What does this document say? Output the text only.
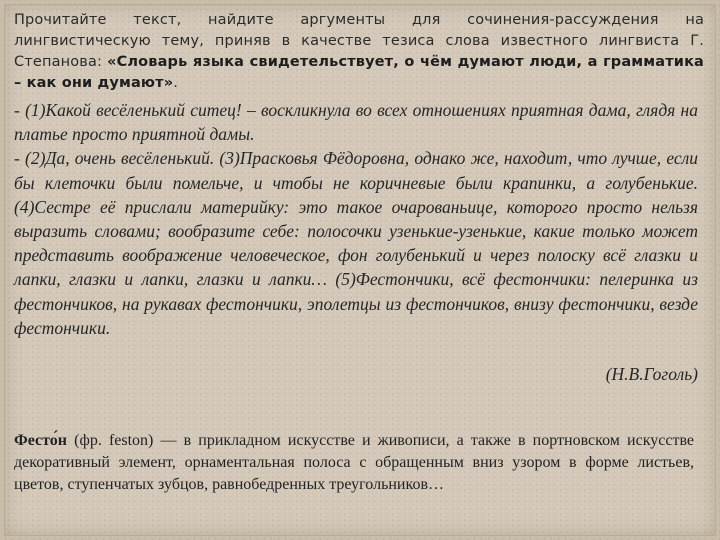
Прочитайте текст, найдите аргументы для сочинения-рассуждения на лингвистическую тему, приняв в качестве тезиса слова известного лингвиста Г. Степанова: «Словарь языка свидетельствует, о чём думают люди, а грамматика – как они думают».

- (1)Какой весёленький ситец! – воскликнула во всех отношениях приятная дама, глядя на платье просто приятной дамы.

- (2)Да, очень весёленький. (3)Прасковья Фёдоровна, однако же, находит, что лучше, если бы клеточки были помельче, и чтобы не коричневые были крапинки, а голубенькие. (4)Сестре её прислали материйку: это такое очарованьице, которого просто нельзя выразить словами; вообразите себе: полосочки узенькие-узенькие, какие только может представить воображение человеческое, фон голубенький и через полоску всё глазки и лапки, глазки и лапки, глазки и лапки… (5)Фестончики, всё фестончики: пелеринка из фестончиков, на рукавах фестончики, эполетцы из фестончиков, внизу фестончики, везде фестончики.

(Н.В.Гоголь)
Фесто́н (фр. feston) — в прикладном искусстве и живописи, а также в портновском искусстве декоративный элемент, орнаментальная полоса с обращенным вниз узором в форме листьев, цветов, ступенчатых зубцов, равнобедренных треугольников…
